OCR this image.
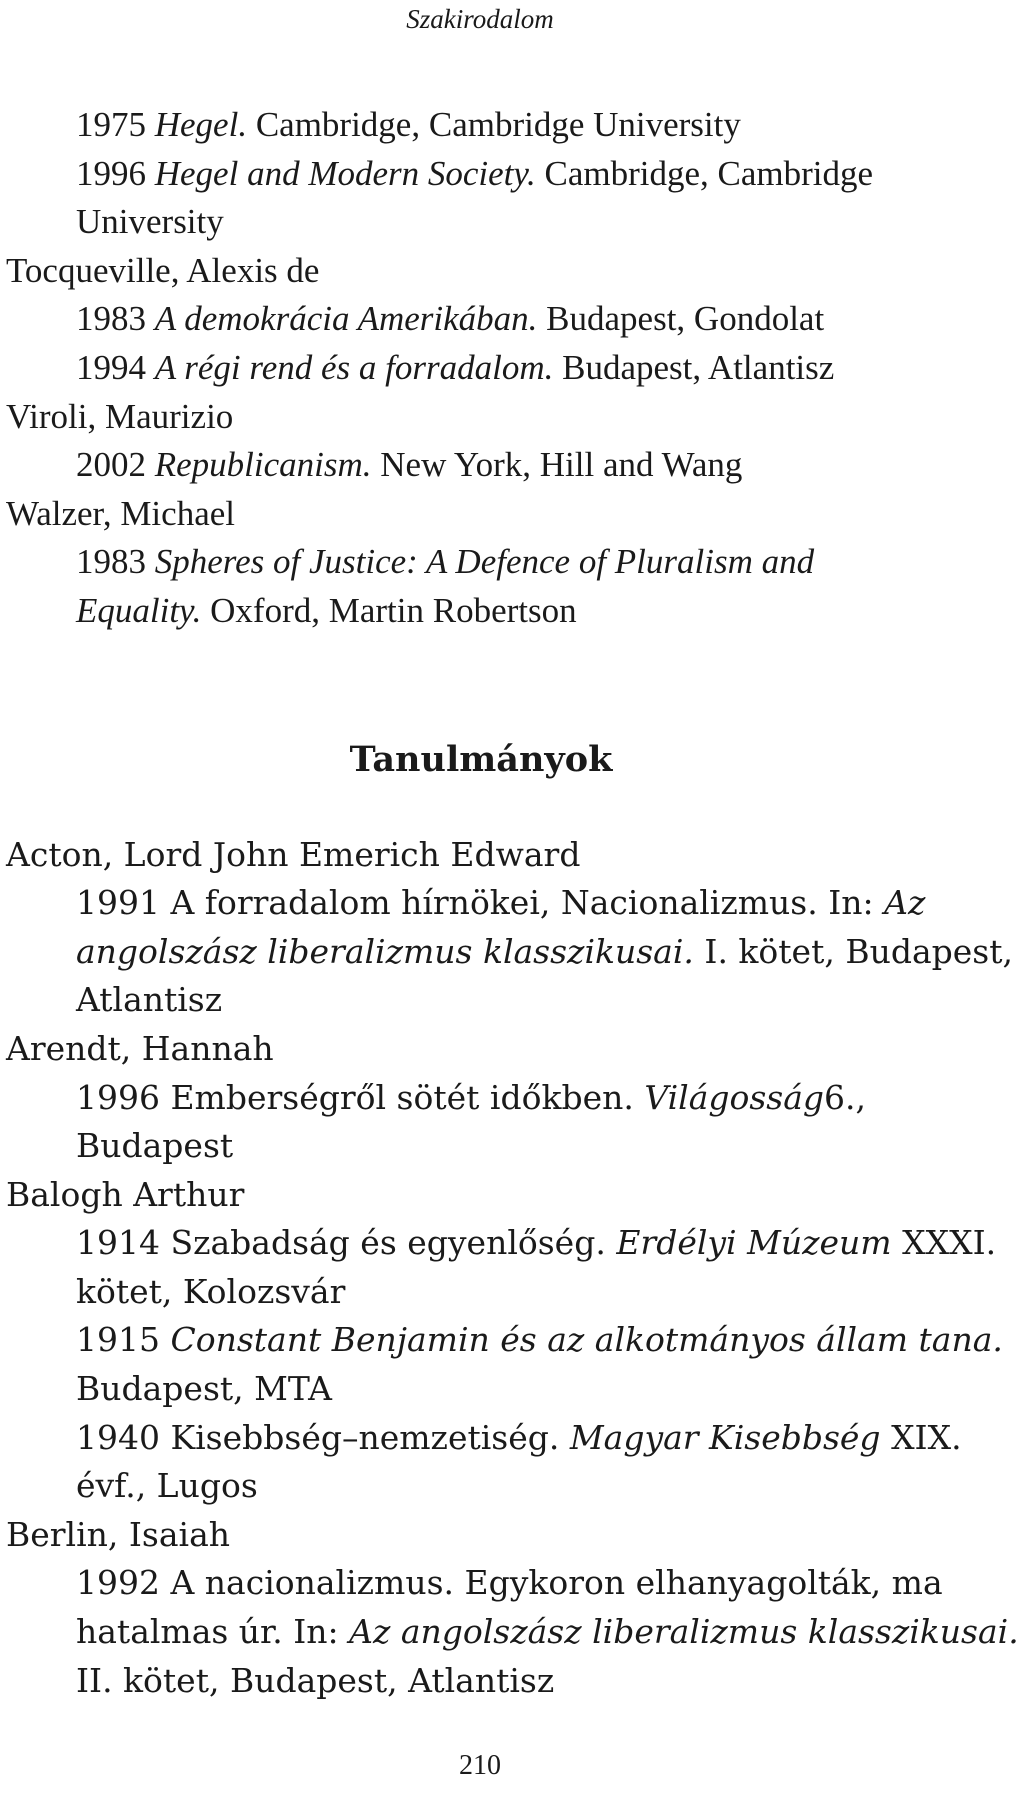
Szakirodalom
1975 Hegel. Cambridge, Cambridge University
1996 Hegel and Modern Society. Cambridge, Cambridge
University
Tocqueville, Alexis de
1983 A demokrácia Amerikában. Budapest, Gondolat
1994 A régi rend és a forradalom. Budapest, Atlantisz
Viroli, Maurizio
2002 Republicanism. New York, Hill and Wang
Walzer, Michael
1983 Spheres of Justice: A Defence of Pluralism and
Equality. Oxford, Martin Robertson
Tanulmányok
Acton, Lord John Emerich Edward
1991 A forradalom hírnökei, Nacionalizmus. In: Az
angolszász liberalizmus klasszikusai. I. kötet, Budapest,
Atlantisz
Arendt, Hannah
1996 Emberségről sötét időkben. Világosság6.,
Budapest
Balogh Arthur
1914 Szabadság és egyenlőség. Erdélyi Múzeum XXXI.
kötet, Kolozsvár
1915 Constant Benjamin és az alkotmányos állam tana.
Budapest, MTA
1940 Kisebbség–nemzetiség. Magyar Kisebbség XIX.
évf., Lugos
Berlin, Isaiah
1992 A nacionalizmus. Egykoron elhanyagolták, ma
hatalmas úr. In: Az angolszász liberalizmus klasszikusai.
II. kötet, Budapest, Atlantisz
210
